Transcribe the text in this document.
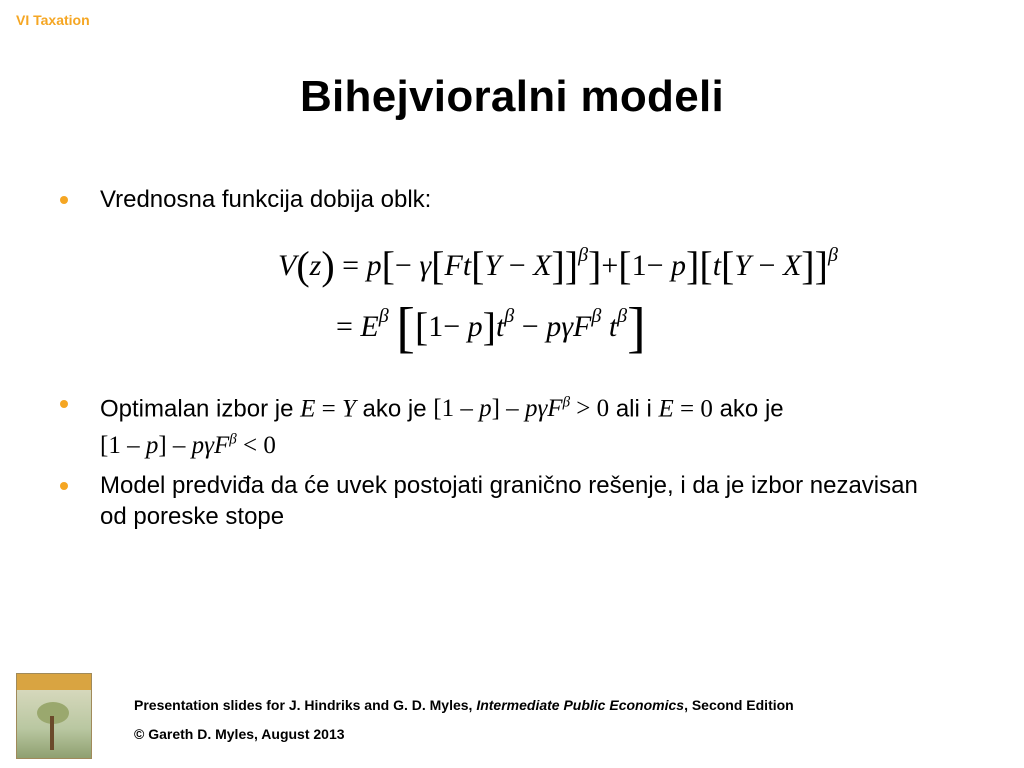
VI Taxation
Bihejvioralni modeli
Vrednosna funkcija dobija oblk:
$V(z) = p[- \gamma[Ft[Y - X]]^\beta]+[1- p][t[Y - X]]^\beta$
= $E^\beta$ [$[1- p]t^\beta - p\gamma F^\beta$ $t^\beta$]
Optimalan izbor je E = Y ako je [1 – p] – pγF$^\beta$ > 0 ali i E = 0 ako je
[1 – p] – pγF$^\beta$ < 0
Model predviđa da će uvek postojati granično rešenje, i da je izbor nezavisan od poreske stope
Presentation slides for J. Hindriks and G. D. Myles, Intermediate Public Economics, Second Edition
© Gareth D. Myles, August 2013
